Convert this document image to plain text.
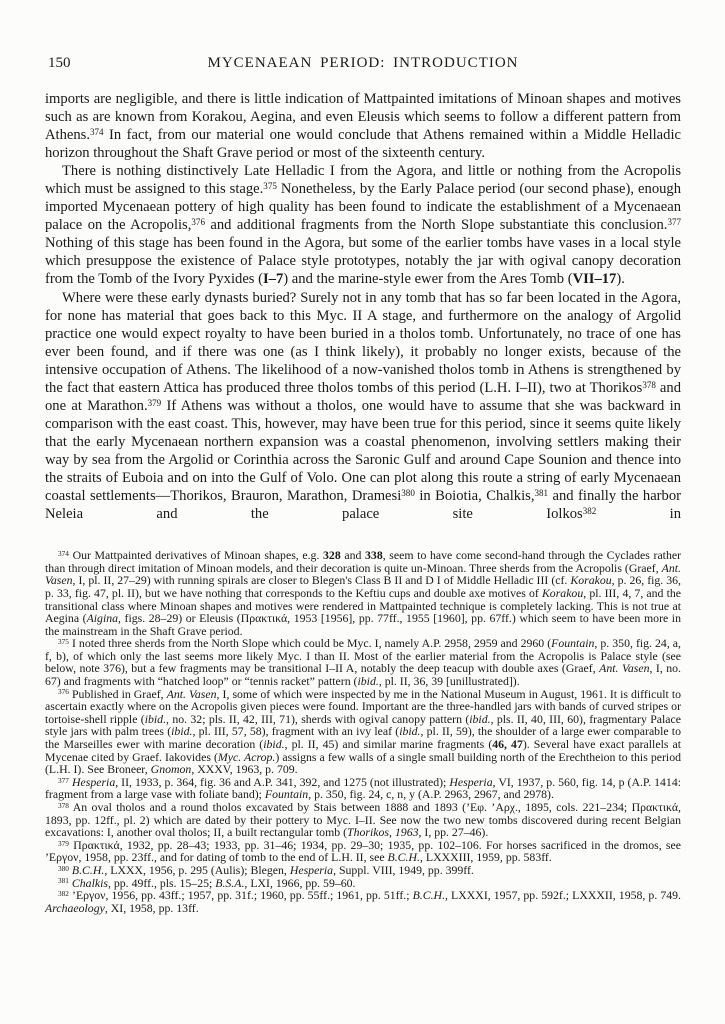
150	MYCENAEAN PERIOD: INTRODUCTION

imports are negligible, and there is little indication of Mattpainted imitations of Minoan shapes and motives such as are known from Korakou, Aegina, and even Eleusis which seems to follow a different pattern from Athens.$^{374}$ In fact, from our material one would conclude that Athens remained within a Middle Helladic horizon throughout the Shaft Grave period or most of the sixteenth century.

There is nothing distinctively Late Helladic I from the Agora, and little or nothing from the Acropolis which must be assigned to this stage.$^{375}$ Nonetheless, by the Early Palace period (our second phase), enough imported Mycenaean pottery of high quality has been found to indicate the establishment of a Mycenaean palace on the Acropolis,$^{376}$ and additional fragments from the North Slope substantiate this conclusion.$^{377}$ Nothing of this stage has been found in the Agora, but some of the earlier tombs have vases in a local style which presuppose the existence of Palace style prototypes, notably the jar with ogival canopy decoration from the Tomb of the Ivory Pyxides (I–7) and the marine-style ewer from the Ares Tomb (VII–17).

Where were these early dynasts buried? Surely not in any tomb that has so far been located in the Agora, for none has material that goes back to this Myc. II A stage, and furthermore on the analogy of Argolid practice one would expect royalty to have been buried in a tholos tomb. Unfortunately, no trace of one has ever been found, and if there was one (as I think likely), it probably no longer exists, because of the intensive occupation of Athens. The likelihood of a now-vanished tholos tomb in Athens is strengthened by the fact that eastern Attica has produced three tholos tombs of this period (L.H. I–II), two at Thorikos$^{378}$ and one at Marathon.$^{379}$ If Athens was without a tholos, one would have to assume that she was backward in comparison with the east coast. This, however, may have been true for this period, since it seems quite likely that the early Mycenaean northern expansion was a coastal phenomenon, involving settlers making their way by sea from the Argolid or Corinthia across the Saronic Gulf and around Cape Sounion and thence into the straits of Euboia and on into the Gulf of Volo. One can plot along this route a string of early Mycenaean coastal settlements—Thorikos, Brauron, Marathon, Dramesi$^{380}$ in Boiotia, Chalkis,$^{381}$ and finally the harbor Neleia and the palace site Iolkos$^{382}$ in

$^{374}$ Our Mattpainted derivatives of Minoan shapes, e.g. 328 and 338, seem to have come second-hand through the Cyclades rather than through direct imitation of Minoan models, and their decoration is quite un-Minoan. Three sherds from the Acropolis (Graef, Ant. Vasen, I, pl. II, 27–29) with running spirals are closer to Blegen's Class B II and D I of Middle Helladic III (cf. Korakou, p. 26, fig. 36, p. 33, fig. 47, pl. II), but we have nothing that corresponds to the Keftiu cups and double axe motives of Korakou, pl. III, 4, 7, and the transitional class where Minoan shapes and motives were rendered in Mattpainted technique is completely lacking. This is not true at Aegina (Aigina, figs. 28–29) or Eleusis (Πρακτικά, 1953 [1956], pp. 77ff., 1955 [1960], pp. 67ff.) which seem to have been more in the mainstream in the Shaft Grave period.

$^{375}$ I noted three sherds from the North Slope which could be Myc. I, namely A.P. 2958, 2959 and 2960 (Fountain, p. 350, fig. 24, a, f, b), of which only the last seems more likely Myc. I than II. Most of the earlier material from the Acropolis is Palace style (see below, note 376), but a few fragments may be transitional I–II A, notably the deep teacup with double axes (Graef, Ant. Vasen, I, no. 67) and fragments with “hatched loop” or “tennis racket” pattern (ibid., pl. II, 36, 39 [unillustrated]).

$^{376}$ Published in Graef, Ant. Vasen, I, some of which were inspected by me in the National Museum in August, 1961. It is difficult to ascertain exactly where on the Acropolis given pieces were found. Important are the three-handled jars with bands of curved stripes or tortoise-shell ripple (ibid., no. 32; pls. II, 42, III, 71), sherds with ogival canopy pattern (ibid., pls. II, 40, III, 60), fragmentary Palace style jars with palm trees (ibid., pl. III, 57, 58), fragment with an ivy leaf (ibid., pl. II, 59), the shoulder of a large ewer comparable to the Marseilles ewer with marine decoration (ibid., pl. II, 45) and similar marine fragments (46, 47). Several have exact parallels at Mycenae cited by Graef. Iakovides (Myc. Acrop.) assigns a few walls of a single small building north of the Erechtheion to this period (L.H. I). See Broneer, Gnomon, XXXV, 1963, p. 709.

$^{377}$ Hesperia, II, 1933, p. 364, fig. 36 and A.P. 341, 392, and 1275 (not illustrated); Hesperia, VI, 1937, p. 560, fig. 14, p (A.P. 1414: fragment from a large vase with foliate band); Fountain, p. 350, fig. 24, c, n, y (A.P. 2963, 2967, and 2978).

$^{378}$ An oval tholos and a round tholos excavated by Stais between 1888 and 1893 (’Εφ. ’Αρχ., 1895, cols. 221–234; Πρακτικά, 1893, pp. 12ff., pl. 2) which are dated by their pottery to Myc. I–II. See now the two new tombs discovered during recent Belgian excavations: I, another oval tholos; II, a built rectangular tomb (Thorikos, 1963, I, pp. 27–46).

$^{379}$ Πρακτικά, 1932, pp. 28–43; 1933, pp. 31–46; 1934, pp. 29–30; 1935, pp. 102–106. For horses sacrificed in the dromos, see ’Εργον, 1958, pp. 23ff., and for dating of tomb to the end of L.H. II, see B.C.H., LXXXIII, 1959, pp. 583ff.

$^{380}$ B.C.H., LXXX, 1956, p. 295 (Aulis); Blegen, Hesperia, Suppl. VIII, 1949, pp. 399ff.

$^{381}$ Chalkis, pp. 49ff., pls. 15–25; B.S.A., LXI, 1966, pp. 59–60.

$^{382}$ ’Εργον, 1956, pp. 43ff.; 1957, pp. 31f.; 1960, pp. 55ff.; 1961, pp. 51ff.; B.C.H., LXXXI, 1957, pp. 592f.; LXXXII, 1958, p. 749. Archaeology, XI, 1958, pp. 13ff.
